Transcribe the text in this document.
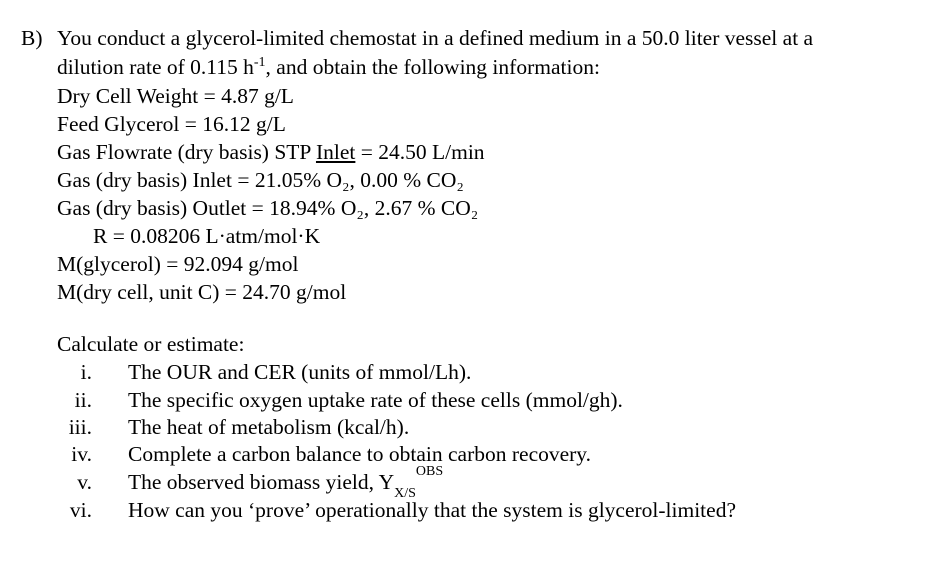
B) You conduct a glycerol-limited chemostat in a defined medium in a 50.0 liter vessel at a
dilution rate of 0.115 $h^{-1}$, and obtain the following information:
Dry Cell Weight = 4.87 g/L
Feed Glycerol = 16.12 g/L
Gas Flowrate (dry basis) STP Inlet = 24.50 L/min
Gas (dry basis) Inlet = 21.05% O₂, 0.00 % CO₂
Gas (dry basis) Outlet = 18.94% O₂, 2.67 % CO₂
R = 0.08206 L·atm/mol·K
M(glycerol) = 92.094 g/mol
M(dry cell, unit C) = 24.70 g/mol
Calculate or estimate:
i. The OUR and CER (units of mmol/Lh).
ii. The specific oxygen uptake rate of these cells (mmol/gh).
iii. The heat of metabolism (kcal/h).
iv. Complete a carbon balance to obtain carbon recovery.
v. The observed biomass yield, $Y_{X/S}^{OBS}$
vi. How can you ‘prove’ operationally that the system is glycerol-limited?
